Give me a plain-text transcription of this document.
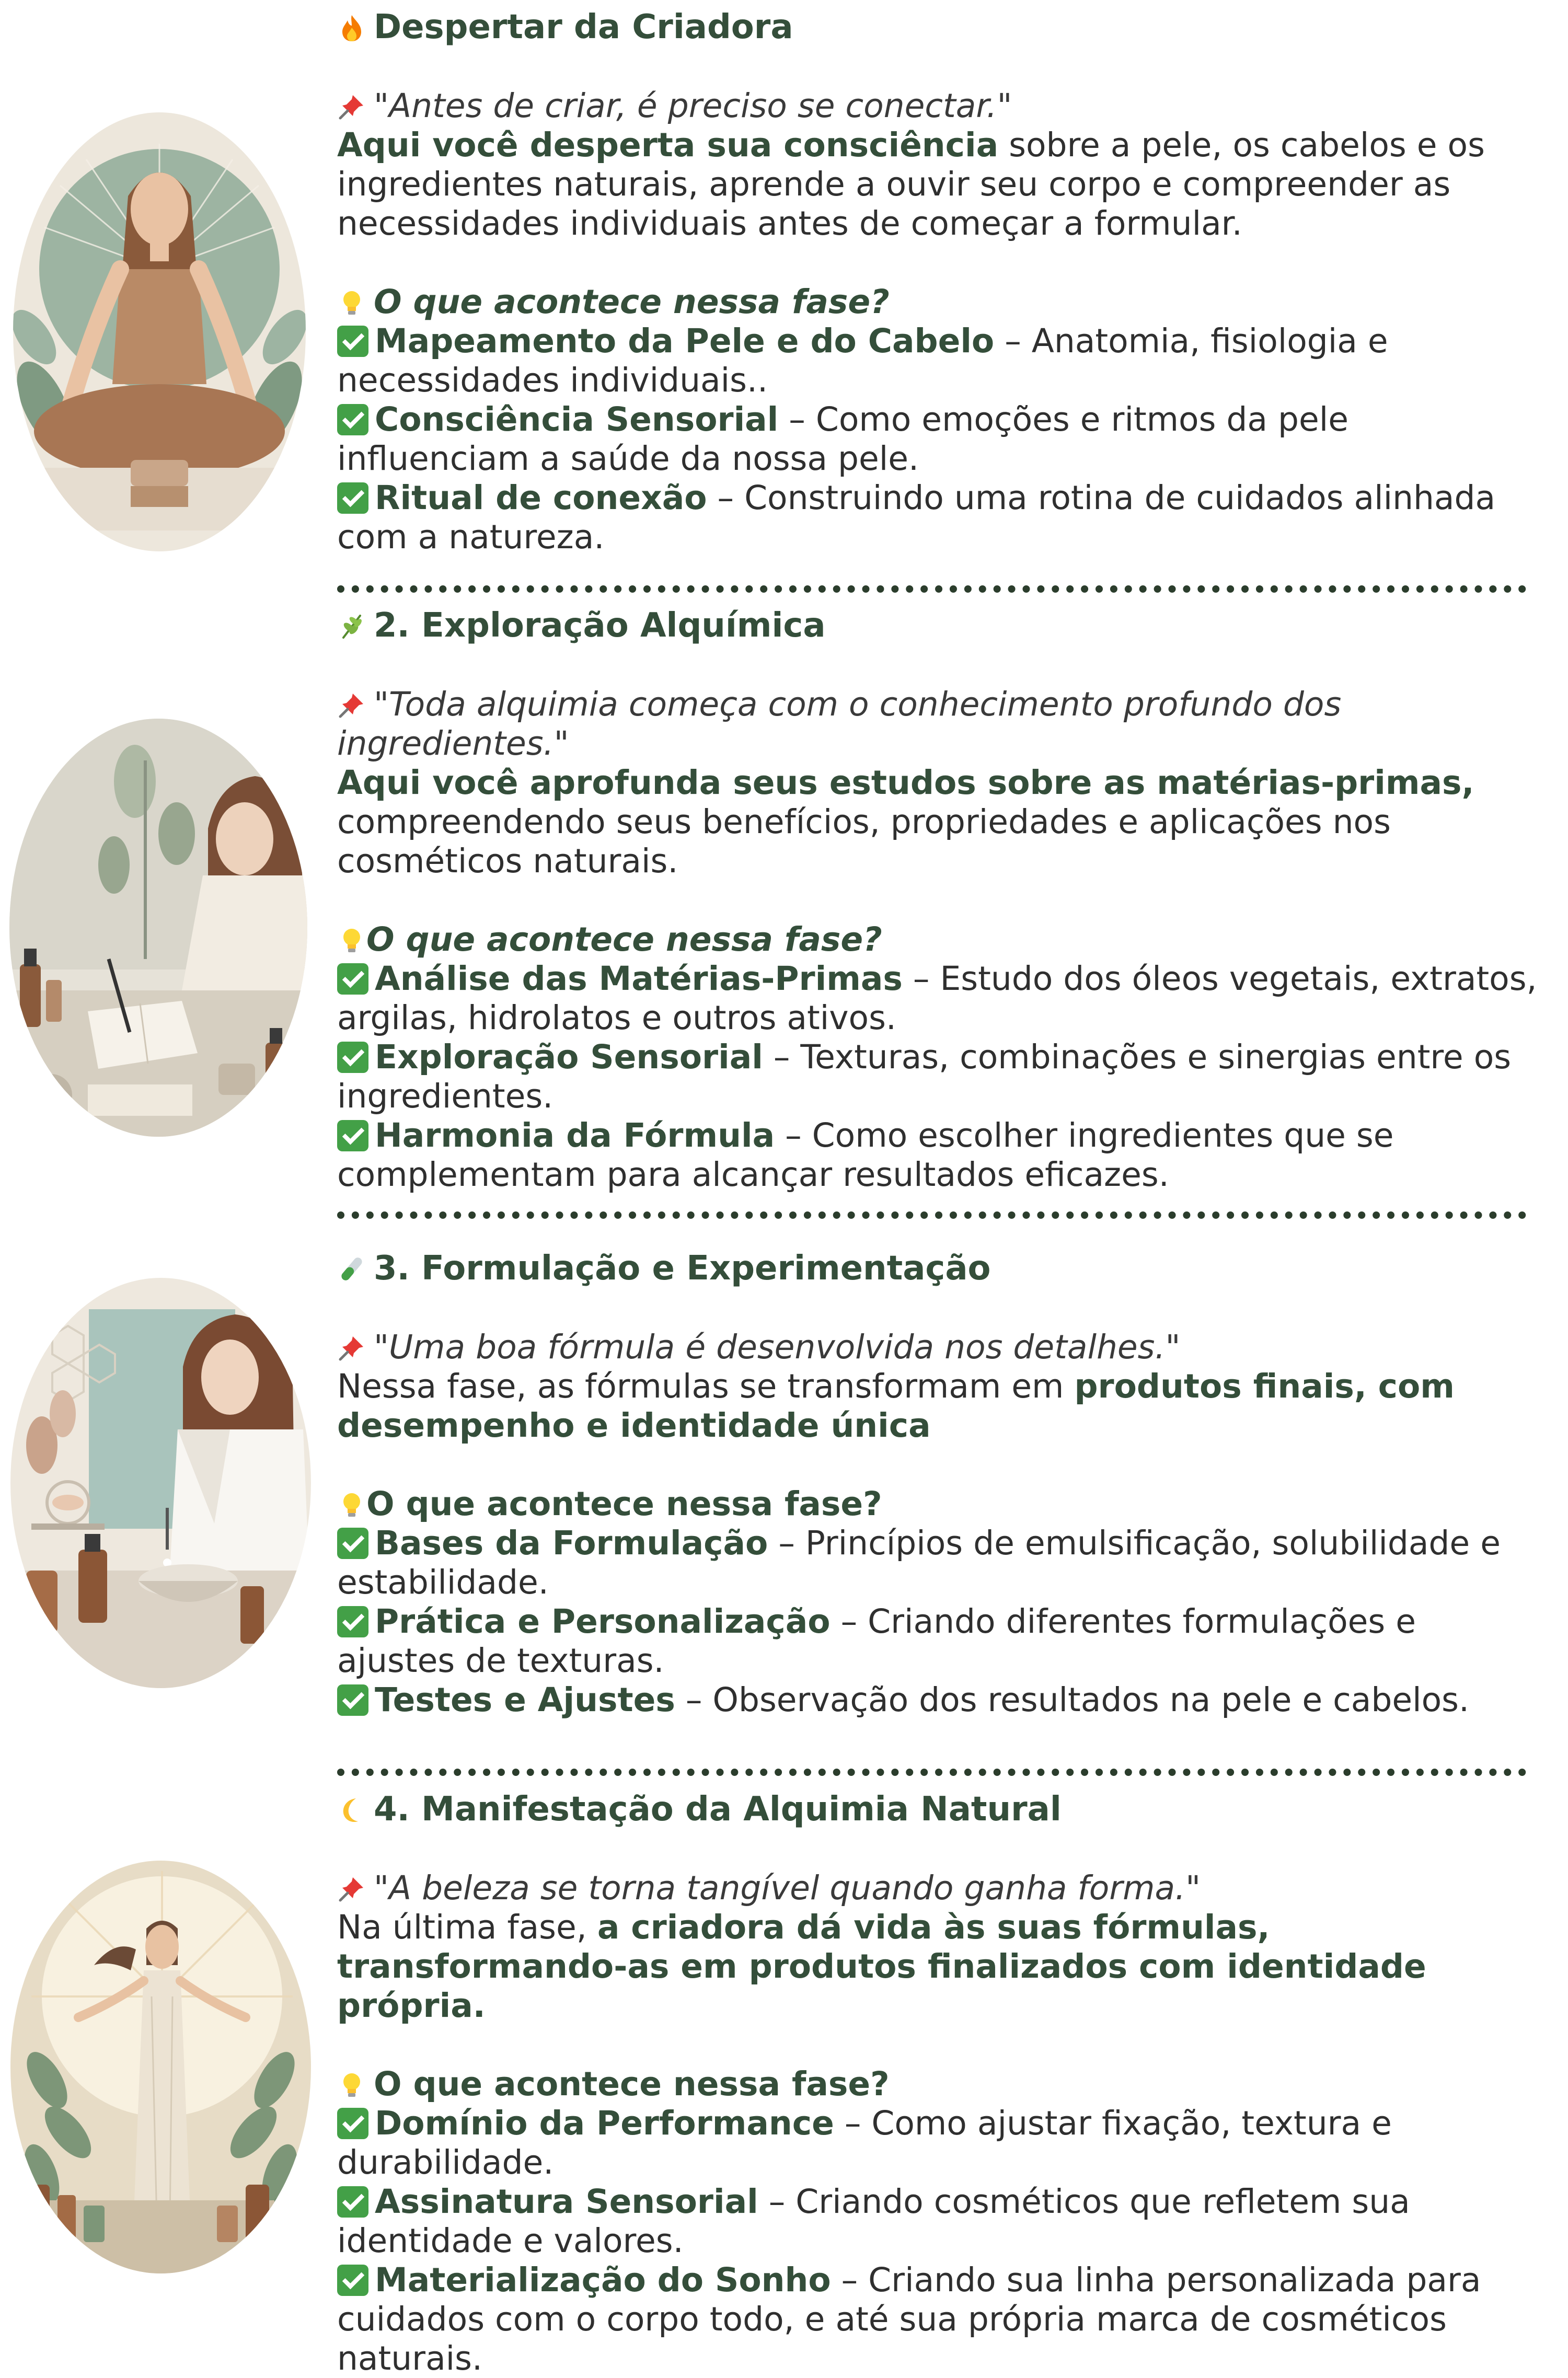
Despertar da Criadora

"Antes de criar, é preciso se conectar."

Aqui você desperta sua consciência sobre a pele, os cabelos e os ingredientes naturais, aprende a ouvir seu corpo e compreender as necessidades individuais antes de começar a formular.

O que acontece nessa fase?

Mapeamento da Pele e do Cabelo – Anatomia, fisiologia e necessidades individuais..

Consciência Sensorial – Como emoções e ritmos da pele influenciam a saúde da nossa pele.

Ritual de conexão – Construindo uma rotina de cuidados alinhada com a natureza.

2. Exploração Alquímica

"Toda alquimia começa com o conhecimento profundo dos ingredientes."

Aqui você aprofunda seus estudos sobre as matérias-primas, compreendendo seus benefícios, propriedades e aplicações nos cosméticos naturais.

O que acontece nessa fase?

Análise das Matérias-Primas – Estudo dos óleos vegetais, extratos, argilas, hidrolatos e outros ativos.

Exploração Sensorial – Texturas, combinações e sinergias entre os ingredientes.

Harmonia da Fórmula – Como escolher ingredientes que se complementam para alcançar resultados eficazes.

3. Formulação e Experimentação

"Uma boa fórmula é desenvolvida nos detalhes."

Nessa fase, as fórmulas se transformam em produtos finais, com desempenho e identidade única

O que acontece nessa fase?

Bases da Formulação – Princípios de emulsificação, solubilidade e estabilidade.

Prática e Personalização – Criando diferentes formulações e ajustes de texturas.

Testes e Ajustes – Observação dos resultados na pele e cabelos.

4. Manifestação da Alquimia Natural

"A beleza se torna tangível quando ganha forma."

Na última fase, a criadora dá vida às suas fórmulas, transformando-as em produtos finalizados com identidade própria.

O que acontece nessa fase?

Domínio da Performance – Como ajustar fixação, textura e durabilidade.

Assinatura Sensorial – Criando cosméticos que refletem sua identidade e valores.

Materialização do Sonho – Criando sua linha personalizada para cuidados com o corpo todo, e até sua própria marca de cosméticos naturais.
